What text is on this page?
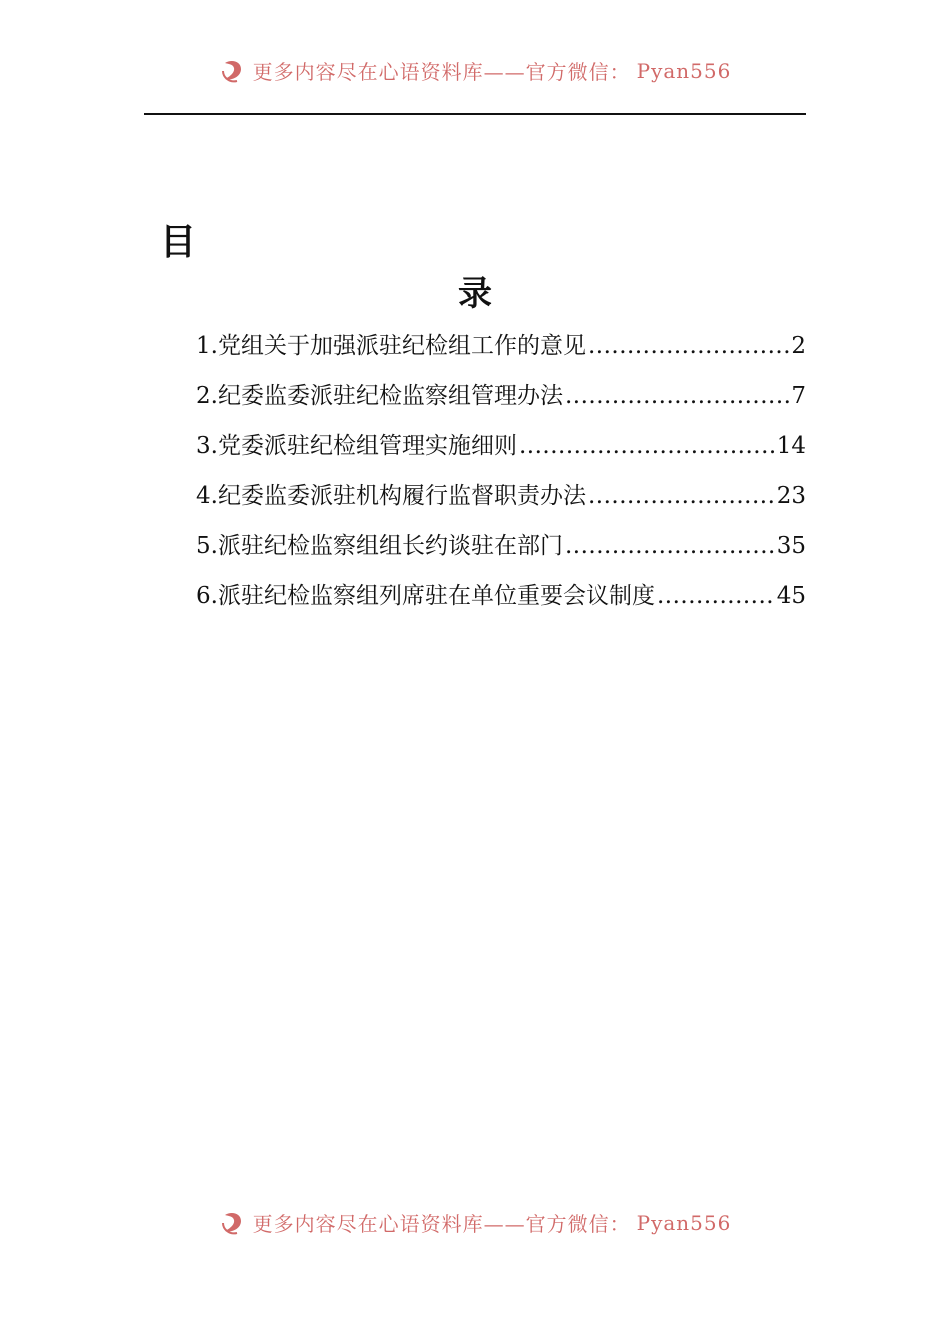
更多内容尽在心语资料库——官方微信： Pyan556
目
录
1. 党组关于加强派驻纪检组工作的意见 .....	2
2. 纪委监委派驻纪检监察组管理办法 .....	7
3. 党委派驻纪检组管理实施细则 .....	14
4. 纪委监委派驻机构履行监督职责办法 .....	23
5. 派驻纪检监察组组长约谈驻在部门 .....	35
6. 派驻纪检监察组列席驻在单位重要会议制度 .....	45
更多内容尽在心语资料库——官方微信： Pyan556
